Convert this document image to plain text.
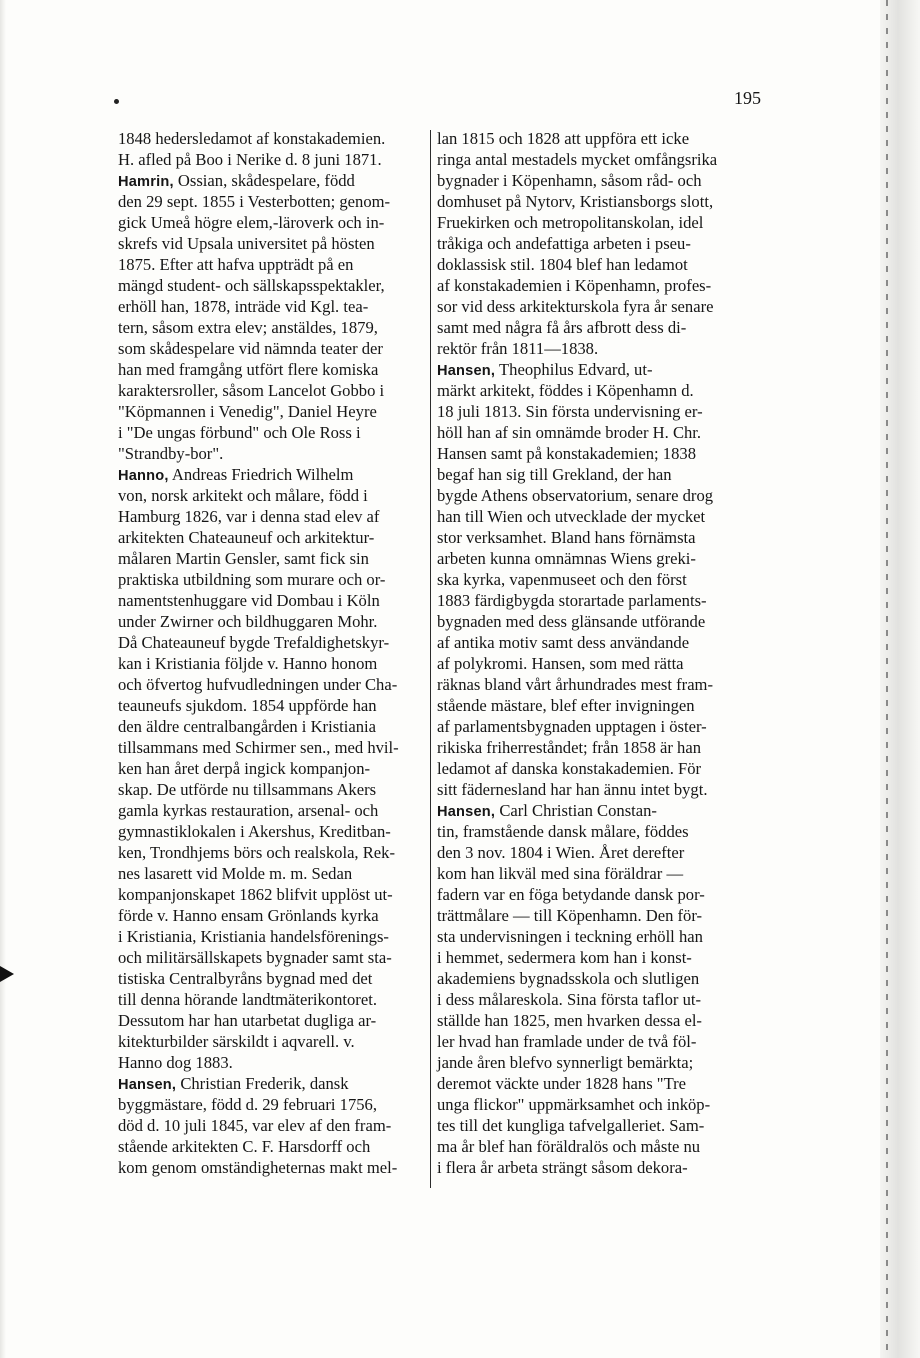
195
1848 hedersledamot af konstakademien.
H. afled på Boo i Nerike d. 8 juni 1871.
Hamrin, Ossian, skådespelare, född
den 29 sept. 1855 i Vesterbotten; genom-
gick Umeå högre elem,-läroverk och in-
skrefs vid Upsala universitet på hösten
1875. Efter att hafva uppträdt på en
mängd student- och sällskapsspektakler,
erhöll han, 1878, inträde vid Kgl. tea-
tern, såsom extra elev; anstäldes, 1879,
som skådespelare vid nämnda teater der
han med framgång utfört flere komiska
karaktersroller, såsom Lancelot Gobbo i
"Köpmannen i Venedig", Daniel Heyre
i "De ungas förbund" och Ole Ross i
"Strandby-bor".
Hanno, Andreas Friedrich Wilhelm
von, norsk arkitekt och målare, född i
Hamburg 1826, var i denna stad elev af
arkitekten Chateauneuf och arkitektur-
målaren Martin Gensler, samt fick sin
praktiska utbildning som murare och or-
namentstenhuggare vid Dombau i Köln
under Zwirner och bildhuggaren Mohr.
Då Chateauneuf bygde Trefaldighetskyr-
kan i Kristiania följde v. Hanno honom
och öfvertog hufvudledningen under Cha-
teauneufs sjukdom. 1854 uppförde han
den äldre centralbangården i Kristiania
tillsammans med Schirmer sen., med hvil-
ken han året derpå ingick kompanjon-
skap. De utförde nu tillsammans Akers
gamla kyrkas restauration, arsenal- och
gymnastiklokalen i Akershus, Kreditban-
ken, Trondhjems börs och realskola, Rek-
nes lasarett vid Molde m. m. Sedan
kompanjonskapet 1862 blifvit upplöst ut-
förde v. Hanno ensam Grönlands kyrka
i Kristiania, Kristiania handelsförenings-
och militärsällskapets bygnader samt sta-
tistiska Centralbyråns bygnad med det
till denna hörande landtmäterikontoret.
Dessutom har han utarbetat dugliga ar-
kitekturbilder särskildt i aqvarell. v.
Hanno dog 1883.
Hansen, Christian Frederik, dansk
byggmästare, född d. 29 februari 1756,
död d. 10 juli 1845, var elev af den fram-
stående arkitekten C. F. Harsdorff och
kom genom omständigheternas makt mel-
lan 1815 och 1828 att uppföra ett icke
ringa antal mestadels mycket omfångsrika
bygnader i Köpenhamn, såsom råd- och
domhuset på Nytorv, Kristiansborgs slott,
Fruekirken och metropolitanskolan, idel
tråkiga och andefattiga arbeten i pseu-
doklassisk stil. 1804 blef han ledamot
af konstakademien i Köpenhamn, profes-
sor vid dess arkitekturskola fyra år senare
samt med några få års afbrott dess di-
rektör från 1811—1838.
Hansen, Theophilus Edvard, ut-
märkt arkitekt, föddes i Köpenhamn d.
18 juli 1813. Sin första undervisning er-
höll han af sin omnämde broder H. Chr.
Hansen samt på konstakademien; 1838
begaf han sig till Grekland, der han
bygde Athens observatorium, senare drog
han till Wien och utvecklade der mycket
stor verksamhet. Bland hans förnämsta
arbeten kunna omnämnas Wiens greki-
ska kyrka, vapenmuseet och den först
1883 färdigbygda storartade parlaments-
bygnaden med dess glänsande utförande
af antika motiv samt dess användande
af polykromi. Hansen, som med rätta
räknas bland vårt århundrades mest fram-
stående mästare, blef efter invigningen
af parlamentsbygnaden upptagen i öster-
rikiska friherreståndet; från 1858 är han
ledamot af danska konstakademien. För
sitt fädernesland har han ännu intet bygt.
Hansen, Carl Christian Constan-
tin, framstående dansk målare, föddes
den 3 nov. 1804 i Wien. Året derefter
kom han likväl med sina föräldrar —
fadern var en föga betydande dansk por-
trättmålare — till Köpenhamn. Den för-
sta undervisningen i teckning erhöll han
i hemmet, sedermera kom han i konst-
akademiens bygnadsskola och slutligen
i dess målareskola. Sina första taflor ut-
ställde han 1825, men hvarken dessa el-
ler hvad han framlade under de två föl-
jande åren blefvo synnerligt bemärkta;
deremot väckte under 1828 hans "Tre
unga flickor" uppmärksamhet och inköp-
tes till det kungliga tafvelgalleriet. Sam-
ma år blef han föräldralös och måste nu
i flera år arbeta strängt såsom dekora-
